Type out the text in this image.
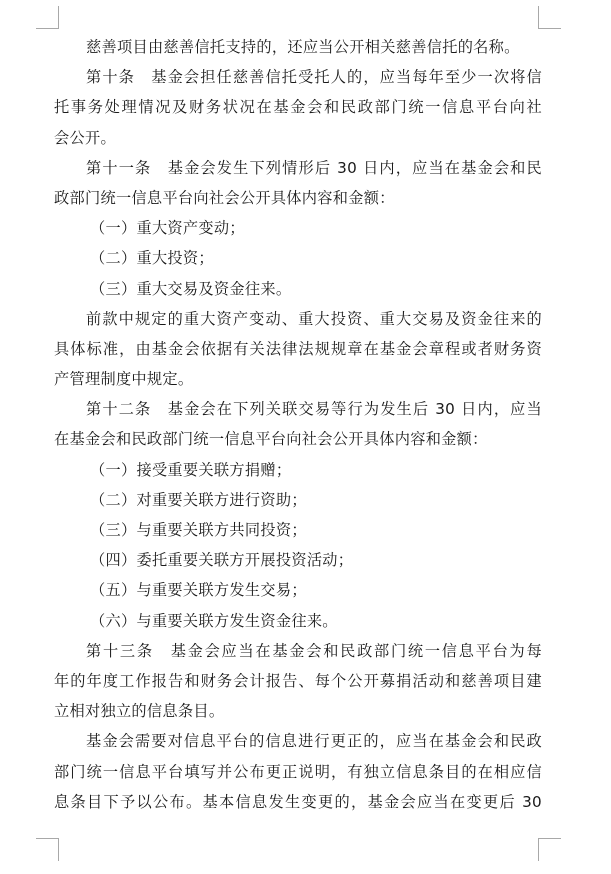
慈善项目由慈善信托支持的，还应当公开相关慈善信托的名称。
第十条　基金会担任慈善信托受托人的，应当每年至少一次将信
托事务处理情况及财务状况在基金会和民政部门统一信息平台向社
会公开。
第十一条　基金会发生下列情形后 30 日内，应当在基金会和民
政部门统一信息平台向社会公开具体内容和金额：
（一）重大资产变动；
（二）重大投资；
（三）重大交易及资金往来。
前款中规定的重大资产变动、重大投资、重大交易及资金往来的
具体标准，由基金会依据有关法律法规规章在基金会章程或者财务资
产管理制度中规定。
第十二条　基金会在下列关联交易等行为发生后 30 日内，应当
在基金会和民政部门统一信息平台向社会公开具体内容和金额：
（一）接受重要关联方捐赠；
（二）对重要关联方进行资助；
（三）与重要关联方共同投资；
（四）委托重要关联方开展投资活动；
（五）与重要关联方发生交易；
（六）与重要关联方发生资金往来。
第十三条　基金会应当在基金会和民政部门统一信息平台为每
年的年度工作报告和财务会计报告、每个公开募捐活动和慈善项目建
立相对独立的信息条目。
基金会需要对信息平台的信息进行更正的，应当在基金会和民政
部门统一信息平台填写并公布更正说明，有独立信息条目的在相应信
息条目下予以公布。基本信息发生变更的，基金会应当在变更后 30
